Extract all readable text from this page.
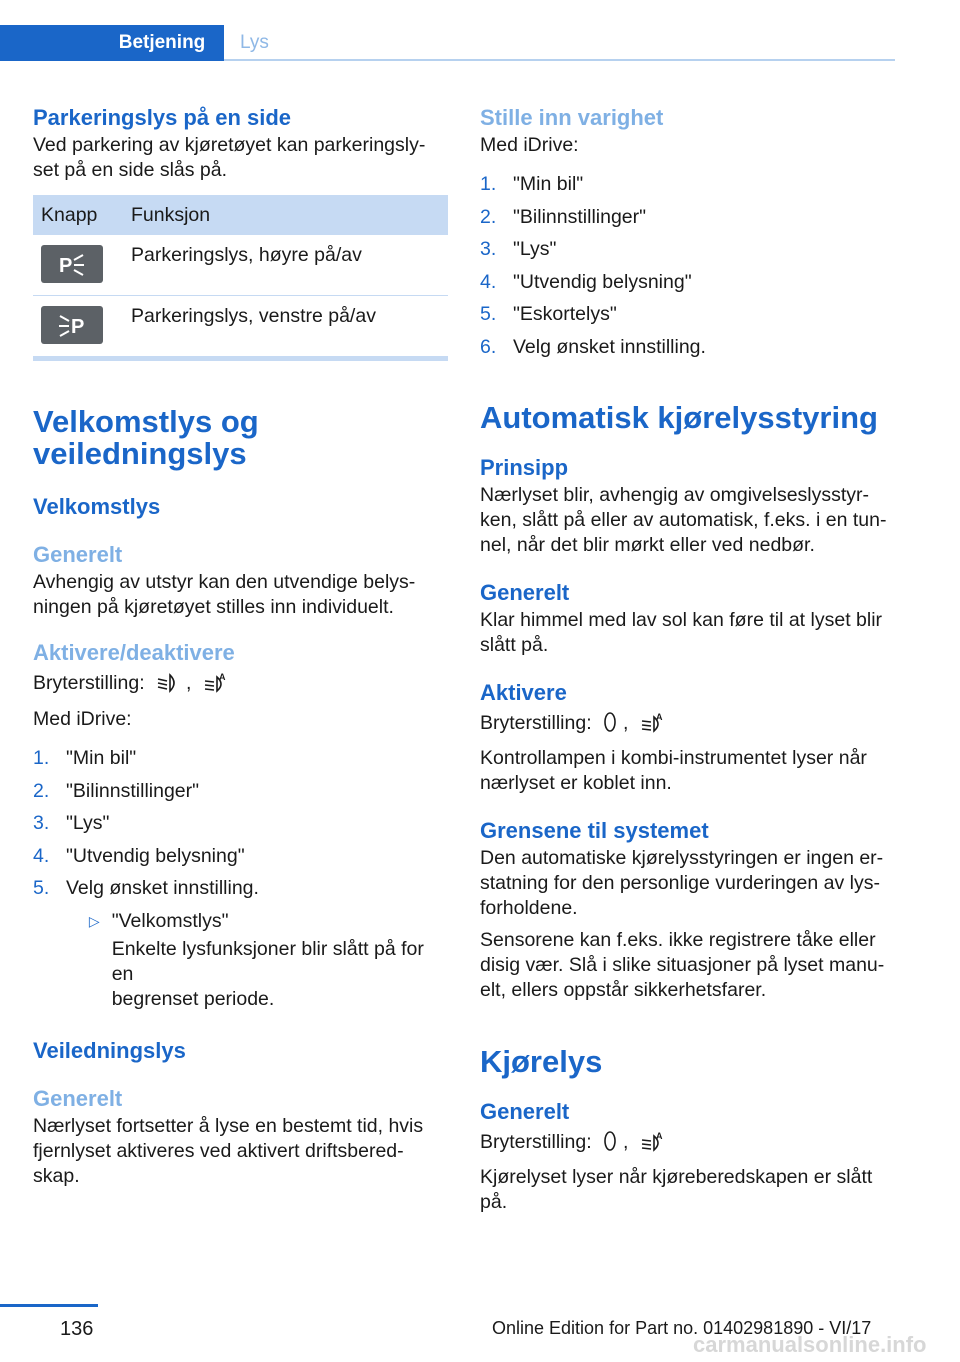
Betjening	Lys
Parkeringslys på en side

Ved parkering av kjøretøyet kan parkeringsly-
set på en side slås på.

Knapp	Funksjon
P	Parkeringslys, høyre på/av
P Parkeringslys, venstre på/av
Velkomstlys og
veiledningslys
Velkomstlys
Generelt

Avhengig av utstyr kan den utvendige belys-
ningen på kjøretøyet stilles inn individuelt.

Aktivere/deaktivere

Bryterstilling: ,	A

Med iDrive:

1. "Min bil"
2. "Bilinnstillinger"
3. "Lys"
4. "Utvendig belysning"
5. Velg ønsket innstilling.
▷ "Velkomstlys"
Enkelte lysfunksjoner blir slått på for en
begrenset periode.
Veiledningslys
Generelt

Nærlyset fortsetter å lyse en bestemt tid, hvis
fjernlyset aktiveres ved aktivert driftsbered-
skap.

Stille inn varighet

Med iDrive:

1. "Min bil"
2. "Bilinnstillinger"
3. "Lys"
4. "Utvendig belysning"
5. "Eskortelys"
6. Velg ønsket innstilling.
Automatisk kjørelysstyring
Prinsipp

Nærlyset blir, avhengig av omgivelseslysstyr-
ken, slått på eller av automatisk, f.eks. i en tun-
nel, når det blir mørkt eller ved nedbør.

Generelt

Klar himmel med lav sol kan føre til at lyset blir
slått på.

Aktivere

Bryterstilling: ,	A

Kontrollampen i kombi-instrumentet lyser når
nærlyset er koblet inn.

Grensene til systemet

Den automatiske kjørelysstyringen er ingen er-
statning for den personlige vurderingen av lys-
forholdene.

Sensorene kan f.eks. ikke registrere tåke eller
disig vær. Slå i slike situasjoner på lyset manu-
elt, ellers oppstår sikkerhetsfarer.

Kjørelys
Generelt

Bryterstilling: ,	A

Kjørelyset lyser når kjøreberedskapen er slått
på.

136	Online Edition for Part no. 01402981890 - VI/17
carmanualsonline.info
